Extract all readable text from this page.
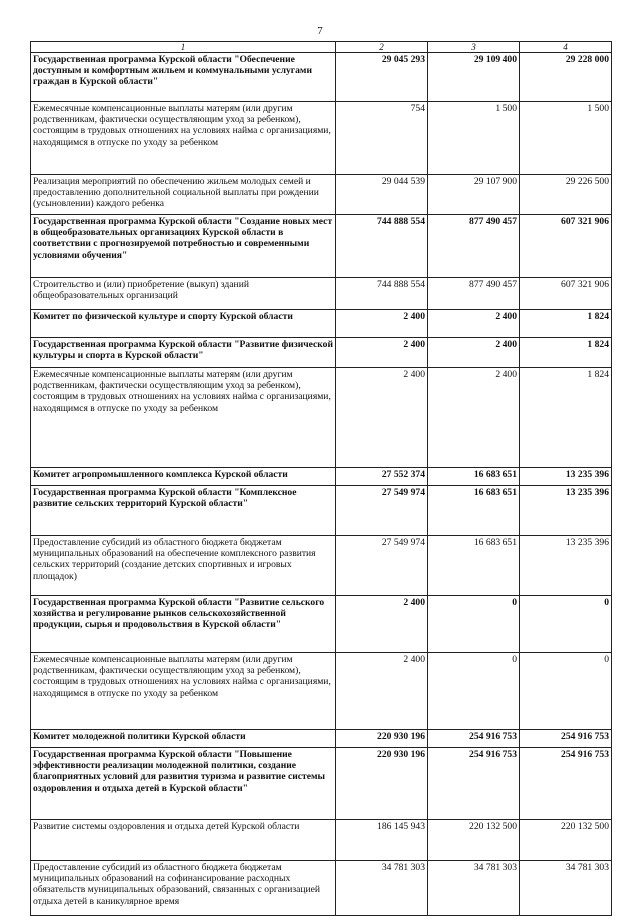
7
1	2	3	4
Государственная программа Курской области "Обеспечение доступным и комфортным жильем и коммунальными услугами граждан в Курской области"	29 045 293	29 109 400	29 228 000
Ежемесячные компенсационные выплаты матерям (или другим родственникам, фактически осуществляющим уход за ребенком), состоящим в трудовых отношениях на условиях найма с организациями, находящимся в отпуске по уходу за ребенком	754	1 500	1 500
Реализация мероприятий по обеспечению жильем молодых семей и предоставлению дополнительной социальной выплаты при рождении (усыновлении) каждого ребенка	29 044 539	29 107 900	29 226 500
Государственная программа Курской области "Создание новых мест в общеобразовательных организациях Курской области в соответствии с прогнозируемой потребностью и современными условиями обучения"	744 888 554	877 490 457	607 321 906
Строительство и (или) приобретение (выкуп) зданий общеобразовательных организаций	744 888 554	877 490 457	607 321 906
Комитет по физической культуре и спорту Курской области	2 400	2 400	1 824
Государственная программа Курской области "Развитие физической культуры и спорта в Курской области"	2 400	2 400	1 824
Ежемесячные компенсационные выплаты матерям (или другим родственникам, фактически осуществляющим уход за ребенком), состоящим в трудовых отношениях на условиях найма с организациями, находящимся в отпуске по уходу за ребенком	2 400	2 400	1 824
Комитет агропромышленного комплекса Курской области	27 552 374	16 683 651	13 235 396
Государственная программа Курской области "Комплексное развитие сельских территорий Курской области"	27 549 974	16 683 651	13 235 396
Предоставление субсидий из областного бюджета бюджетам муниципальных образований на обеспечение комплексного развития сельских территорий (создание детских спортивных и игровых площадок)	27 549 974	16 683 651	13 235 396
Государственная программа Курской области "Развитие сельского хозяйства и регулирование рынков сельскохозяйственной продукции, сырья и продовольствия в Курской области"	2 400	0	0
Ежемесячные компенсационные выплаты матерям (или другим родственникам, фактически осуществляющим уход за ребенком), состоящим в трудовых отношениях на условиях найма с организациями, находящимся в отпуске по уходу за ребенком	2 400	0	0
Комитет молодежной политики Курской области	220 930 196	254 916 753	254 916 753
Государственная программа Курской области "Повышение эффективности реализации молодежной политики, создание благоприятных условий для развития туризма и развитие системы оздоровления и отдыха детей в Курской области"	220 930 196	254 916 753	254 916 753
Развитие системы оздоровления и отдыха детей Курской области	186 145 943	220 132 500	220 132 500
Предоставление субсидий из областного бюджета бюджетам муниципальных образований на софинансирование расходных обязательств муниципальных образований, связанных с организацией отдыха детей в каникулярное время	34 781 303	34 781 303	34 781 303
